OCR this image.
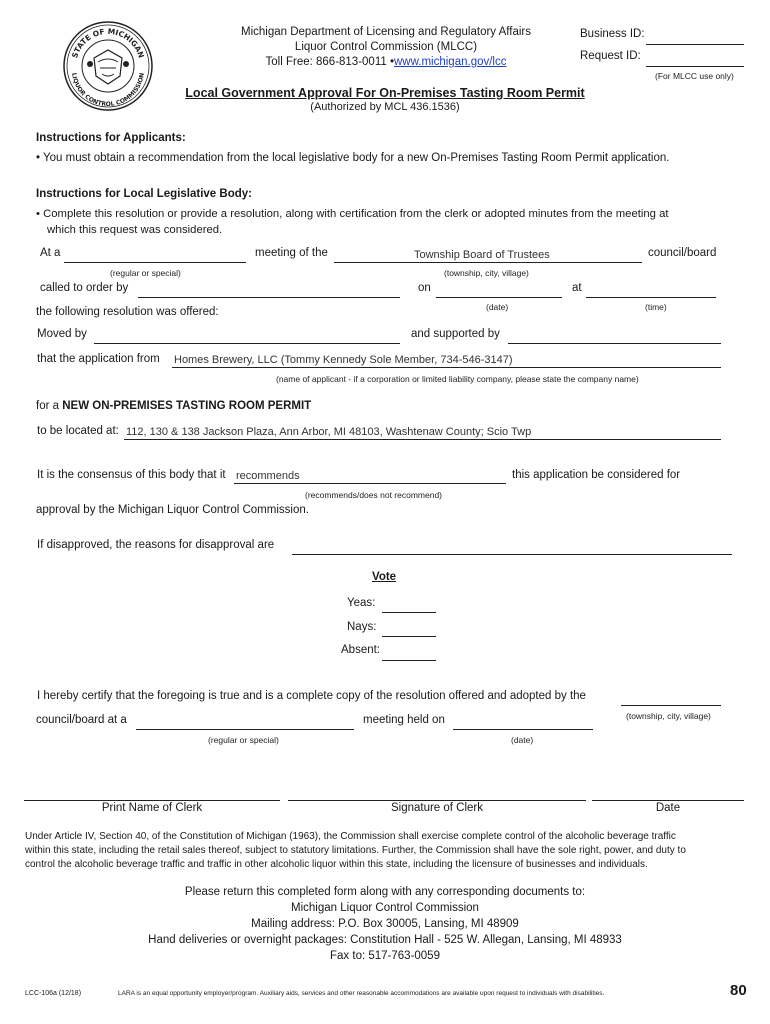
STATE OF MICHIGAN
LIQUOR CONTROL COMMISSION
Michigan Department of Licensing and Regulatory Affairs
Liquor Control Commission (MLCC)
Toll Free: 866-813-0011 •www.michigan.gov/lcc
Business ID:
Request ID:
(For MLCC use only)
Local Government Approval For On-Premises Tasting Room Permit
(Authorized by MCL 436.1536)
Instructions for Applicants:
• You must obtain a recommendation from the local legislative body for a new On-Premises Tasting Room Permit application.
Instructions for Local Legislative Body:
• Complete this resolution or provide a resolution, along with certification from the clerk or adopted minutes from the meeting at
which this request was considered.
At a	meeting of the
Township Board of Trustees	council/board
(regular or special)	(township, city, village)
called to order by	on	at
(date)	(time)
the following resolution was offered:
Moved by	and supported by
that the application from
Homes Brewery, LLC (Tommy Kennedy Sole Member, 734-546-3147)
(name of applicant - if a corporation or limited liability company, please state the company name)
for a NEW ON-PREMISES TASTING ROOM PERMIT
to be located at:
112, 130 & 138 Jackson Plaza, Ann Arbor, MI 48103, Washtenaw County; Scio Twp
It is the consensus of this body that it
recommends	this application be considered for
(recommends/does not recommend)
approval by the Michigan Liquor Control Commission.
If disapproved, the reasons for disapproval are
Vote
Yeas:
Nays:
Absent:
I hereby certify that the foregoing is true and is a complete copy of the resolution offered and adopted by the
(township, city, village)
council/board at a	meeting held on
(regular or special)	(date)
Print Name of Clerk	Signature of Clerk	Date
Under Article IV, Section 40, of the Constitution of Michigan (1963), the Commission shall exercise complete control of the alcoholic beverage traffic
within this state, including the retail sales thereof, subject to statutory limitations. Further, the Commission shall have the sole right, power, and duty to
control the alcoholic beverage traffic and traffic in other alcoholic liquor within this state, including the licensure of businesses and individuals.
Please return this completed form along with any corresponding documents to:
Michigan Liquor Control Commission
Mailing address: P.O. Box 30005, Lansing, MI 48909
Hand deliveries or overnight packages: Constitution Hall - 525 W. Allegan, Lansing, MI 48933
Fax to: 517-763-0059
LCC-106a (12/18)	LARA is an equal opportunity employer/program. Auxiliary aids, services and other reasonable accommodations are available upon request to individuals with disabilities.	80
